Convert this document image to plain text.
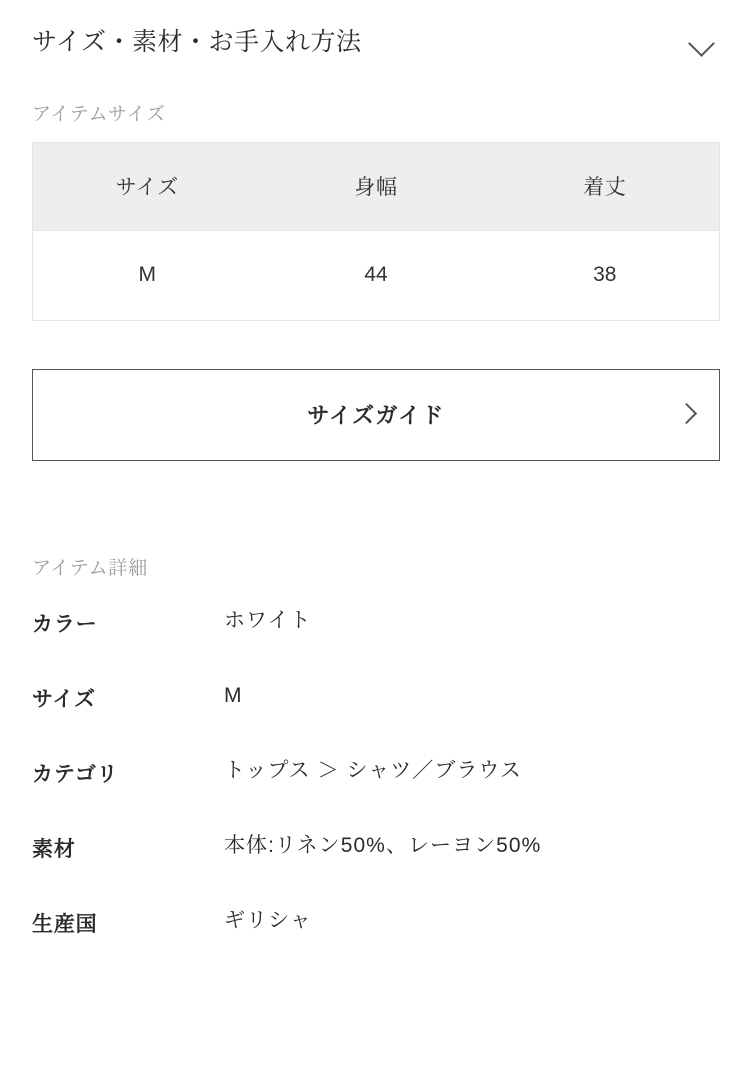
サイズ・素材・お手入れ方法
アイテムサイズ
サイズ	身幅	着丈
M	44	38
サイズガイド
アイテム詳細
カラー	ホワイト
サイズ	M
カテゴリ	トップス ＞ シャツ／ブラウス
素材	本体:リネン50%、レーヨン50%
生産国	ギリシャ
